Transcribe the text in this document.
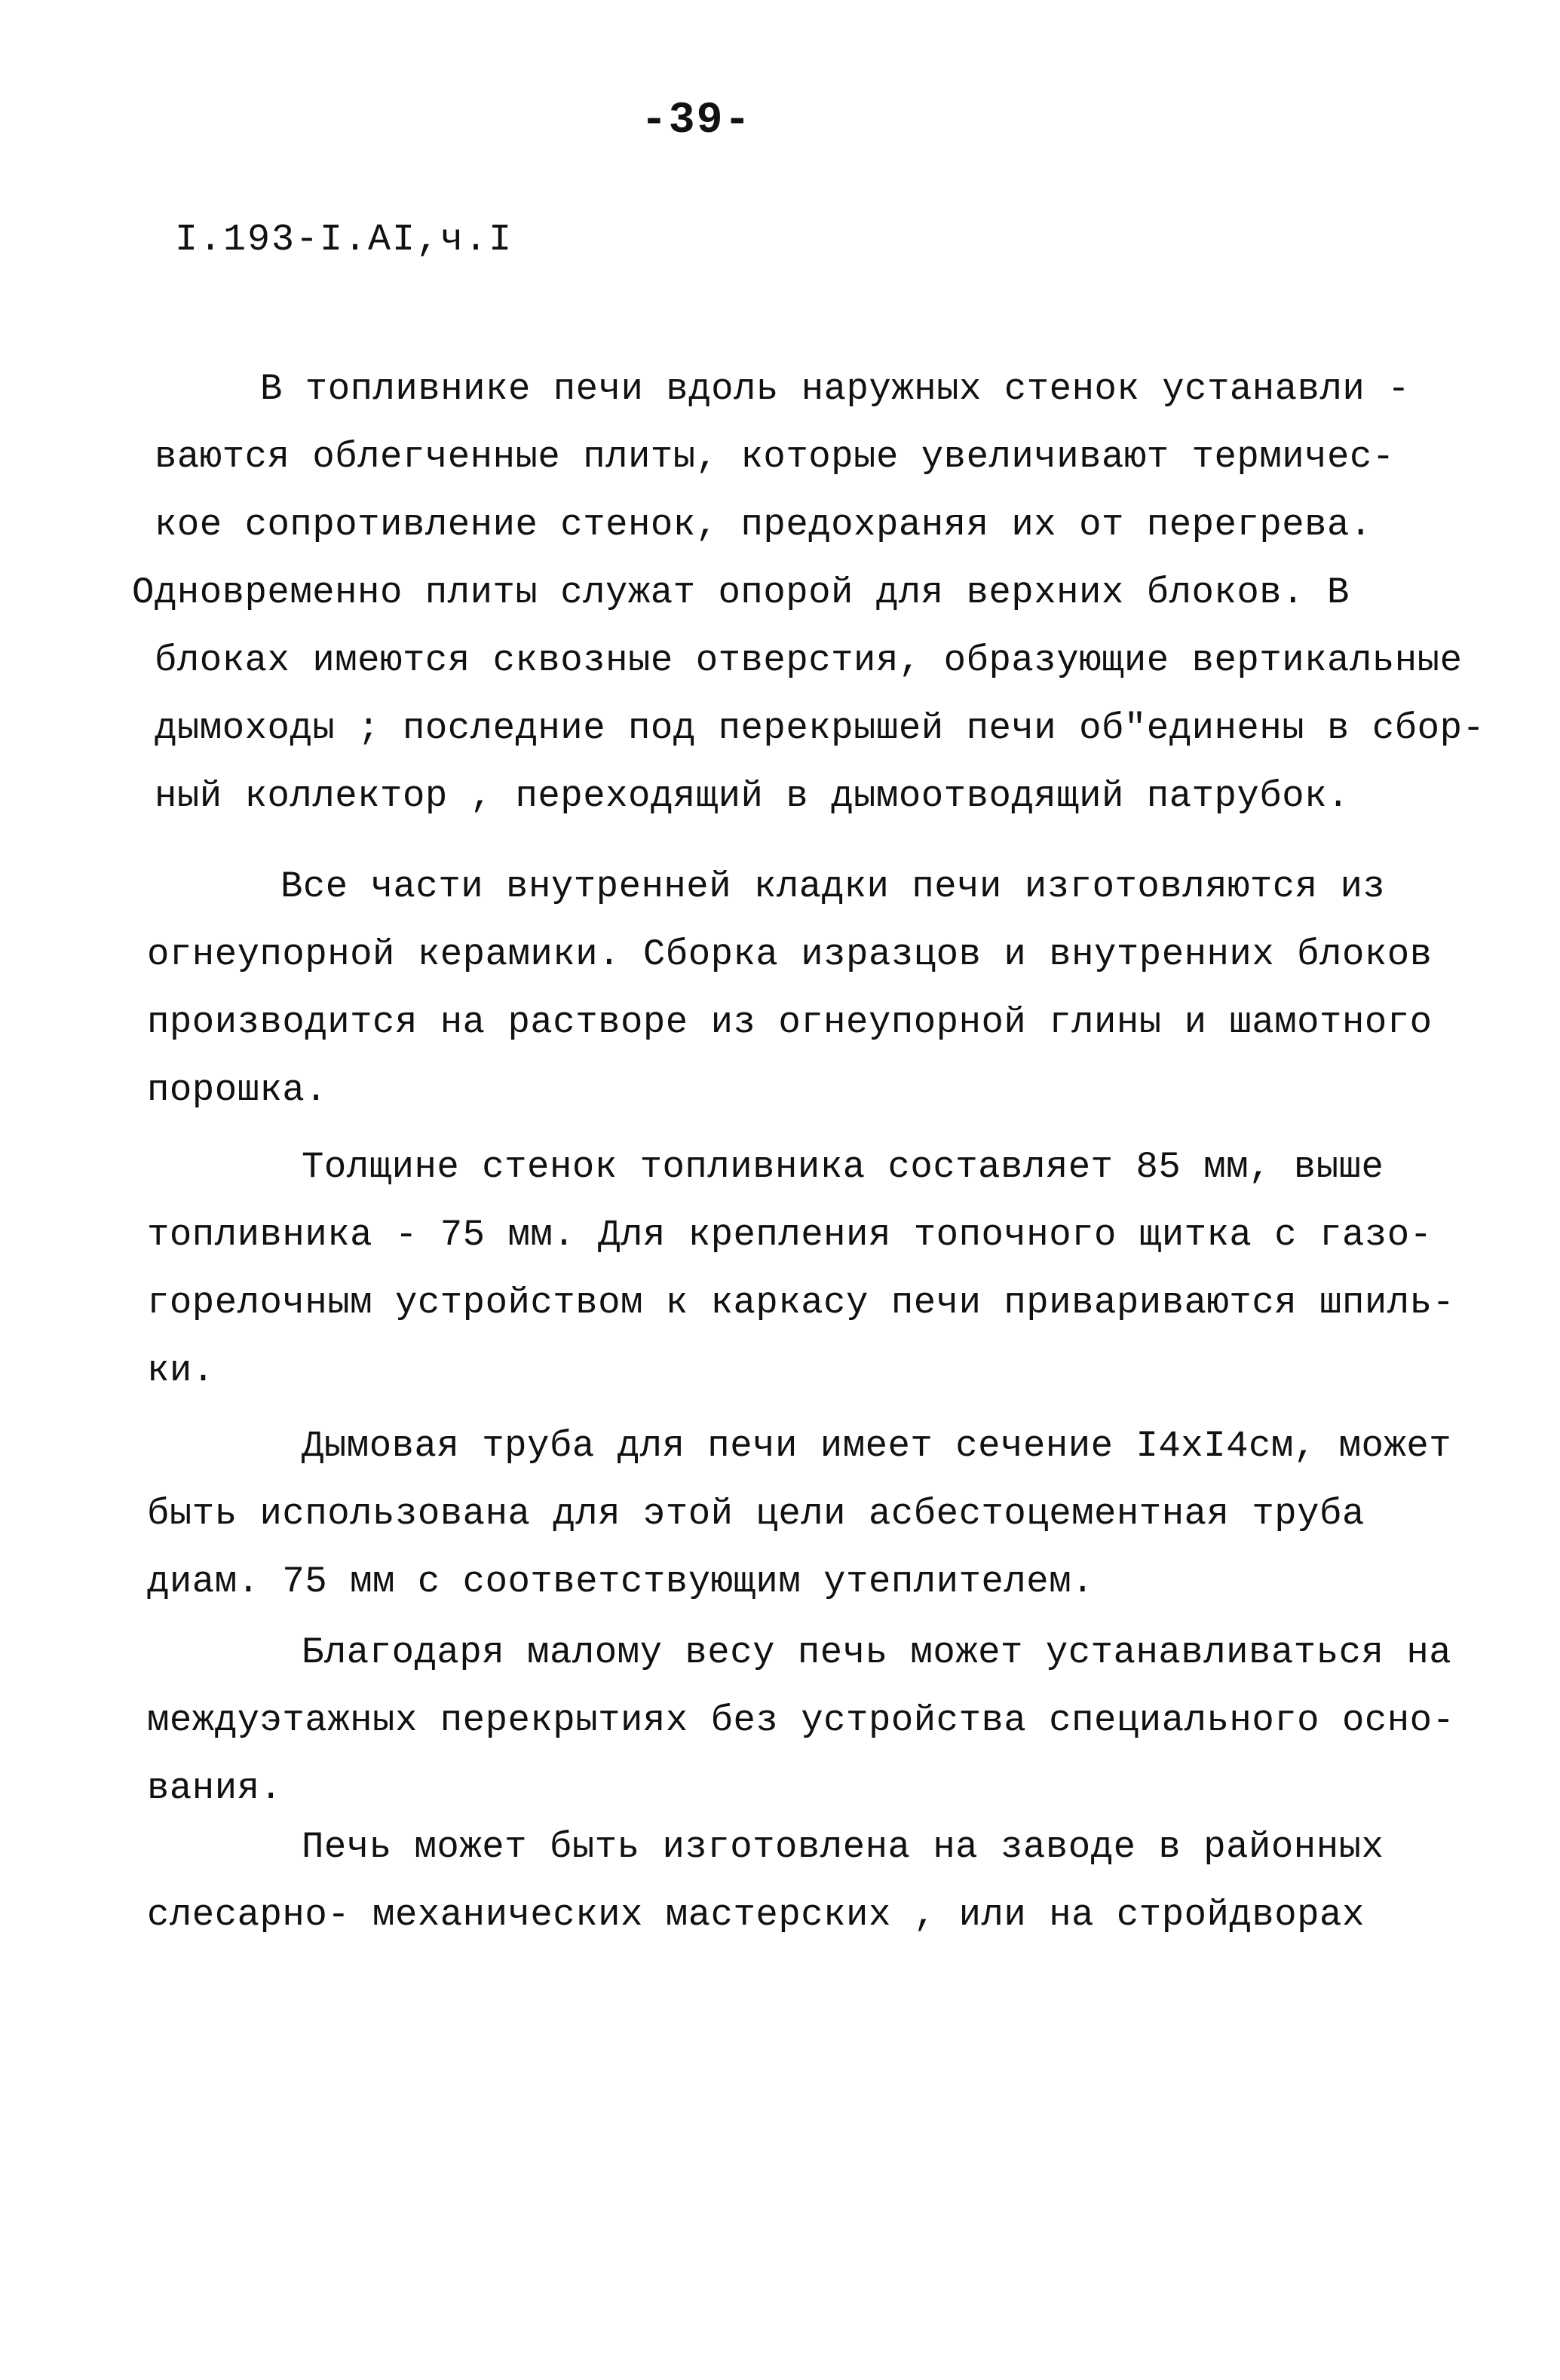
-39-
I.193-I.AI,ч.I
В топливнике печи вдоль наружных стенок устанавли -
ваются облегченные плиты, которые увеличивают термичес-
кое сопротивление стенок, предохраняя их от перегрева.
Одновременно плиты служат опорой для верхних блоков. В
блоках имеются сквозные отверстия, образующие вертикальные
дымоходы ; последние под перекрышей печи об"единены в сбор-
ный коллектор , переходящий в дымоотводящий патрубок.
Все части внутренней кладки печи изготовляются из
огнеупорной керамики. Сборка изразцов и внутренних блоков
производится на растворе из огнеупорной глины и шамотного
порошка.
Толщине стенок топливника составляет 85 мм, выше
топливника - 75 мм. Для крепления топочного щитка с газо-
горелочным устройством к каркасу печи привариваются шпиль-
ки.
Дымовая труба для печи имеет сечение I4xI4см, может
быть использована для этой цели асбестоцементная труба
диам. 75 мм с соответствующим утеплителем.
Благодаря малому весу печь может устанавливаться на
междуэтажных перекрытиях без устройства специального осно-
вания.
Печь может быть изготовлена на заводе в районных
слесарно- механических мастерских , или на стройдворах
